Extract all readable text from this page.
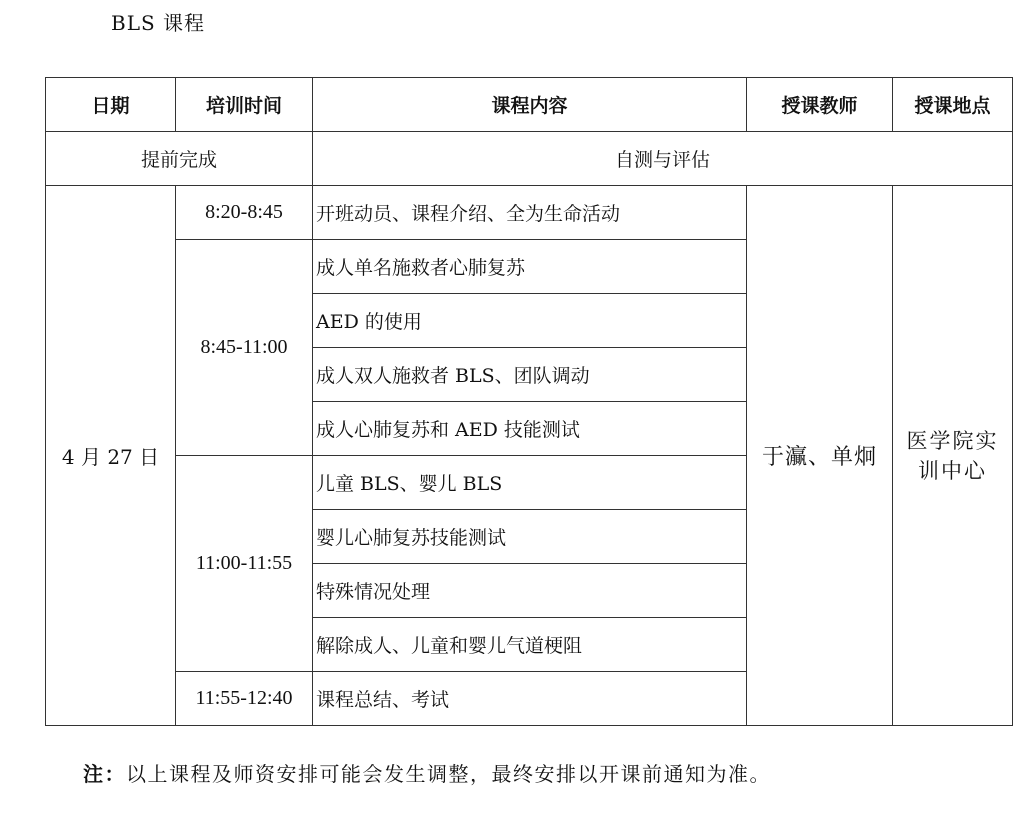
BLS 课程
日期	培训时间	课程内容	授课教师	授课地点
提前完成		自测与评估		
4 月 27 日	8:20-8:45	开班动员、课程介绍、全为生命活动	于灜、单炯	医学院实训中心
	8:45-11:00	成人单名施救者心肺复苏		
		AED 的使用		
		成人双人施救者 BLS、团队调动		
		成人心肺复苏和 AED 技能测试		
	11:00-11:55	儿童 BLS、婴儿 BLS		
		婴儿心肺复苏技能测试		
		特殊情况处理		
		解除成人、儿童和婴儿气道梗阻		
	11:55-12:40	课程总结、考试		
注：以上课程及师资安排可能会发生调整，最终安排以开课前通知为准。
